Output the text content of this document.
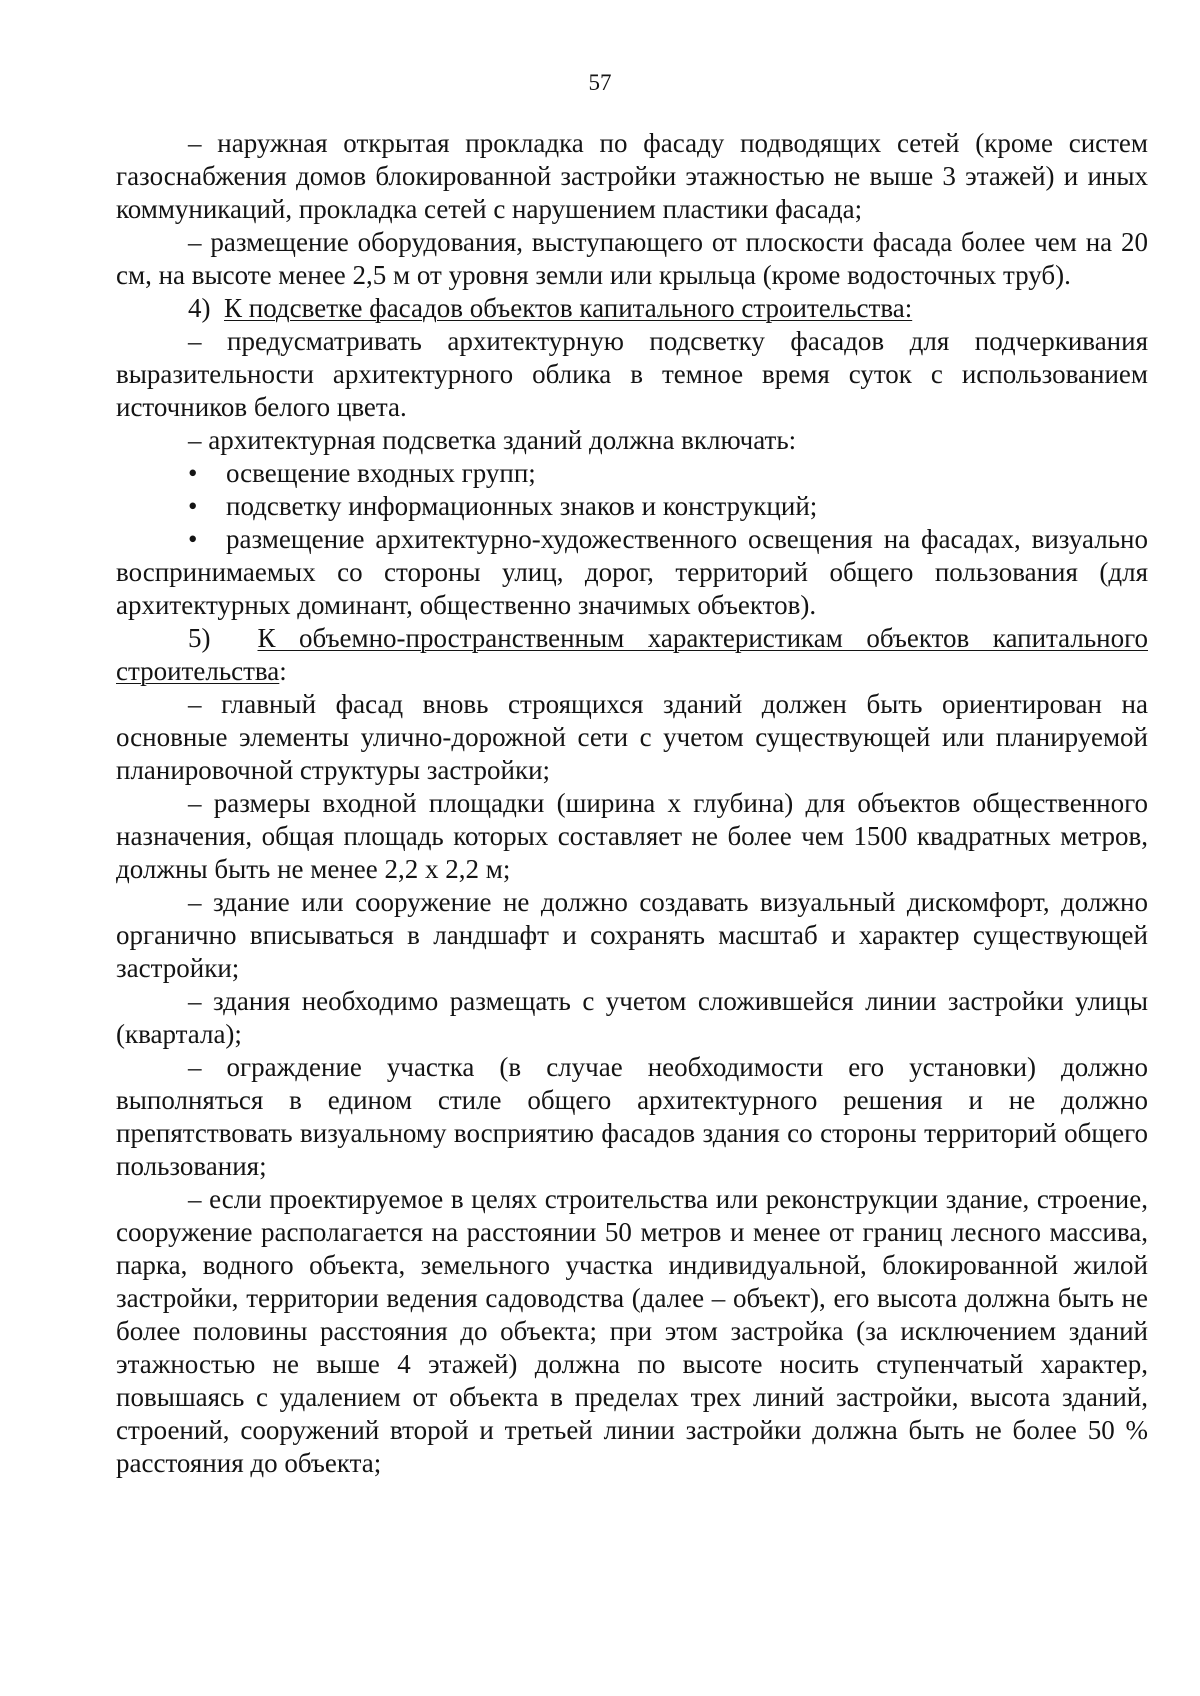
57

– наружная открытая прокладка по фасаду подводящих сетей (кроме систем газоснабжения домов блокированной застройки этажностью не выше 3 этажей) и иных коммуникаций, прокладка сетей с нарушением пластики фасада;

– размещение оборудования, выступающего от плоскости фасада более чем на 20 см, на высоте менее 2,5 м от уровня земли или крыльца (кроме водосточных труб).

4) К подсветке фасадов объектов капитального строительства:

– предусматривать архитектурную подсветку фасадов для подчеркивания выразительности архитектурного облика в темное время суток с использованием источников белого цвета.

– архитектурная подсветка зданий должна включать:

• освещение входных групп;

• подсветку информационных знаков и конструкций;

• размещение архитектурно-художественного освещения на фасадах, визуально воспринимаемых со стороны улиц, дорог, территорий общего пользования (для архитектурных доминант, общественно значимых объектов).

5) К объемно-пространственным характеристикам объектов капитального строительства:

– главный фасад вновь строящихся зданий должен быть ориентирован на основные элементы улично-дорожной сети с учетом существующей или планируемой планировочной структуры застройки;

– размеры входной площадки (ширина х глубина) для объектов общественного назначения, общая площадь которых составляет не более чем 1500 квадратных метров, должны быть не менее 2,2 х 2,2 м;

– здание или сооружение не должно создавать визуальный дискомфорт, должно органично вписываться в ландшафт и сохранять масштаб и характер существующей застройки;

– здания необходимо размещать с учетом сложившейся линии застройки улицы (квартала);

– ограждение участка (в случае необходимости его установки) должно выполняться в едином стиле общего архитектурного решения и не должно препятствовать визуальному восприятию фасадов здания со стороны территорий общего пользования;

– если проектируемое в целях строительства или реконструкции здание, строение, сооружение располагается на расстоянии 50 метров и менее от границ лесного массива, парка, водного объекта, земельного участка индивидуальной, блокированной жилой застройки, территории ведения садоводства (далее – объект), его высота должна быть не более половины расстояния до объекта; при этом застройка (за исключением зданий этажностью не выше 4 этажей) должна по высоте носить ступенчатый характер, повышаясь с удалением от объекта в пределах трех линий застройки, высота зданий, строений, сооружений второй и третьей линии застройки должна быть не более 50 % расстояния до объекта;
